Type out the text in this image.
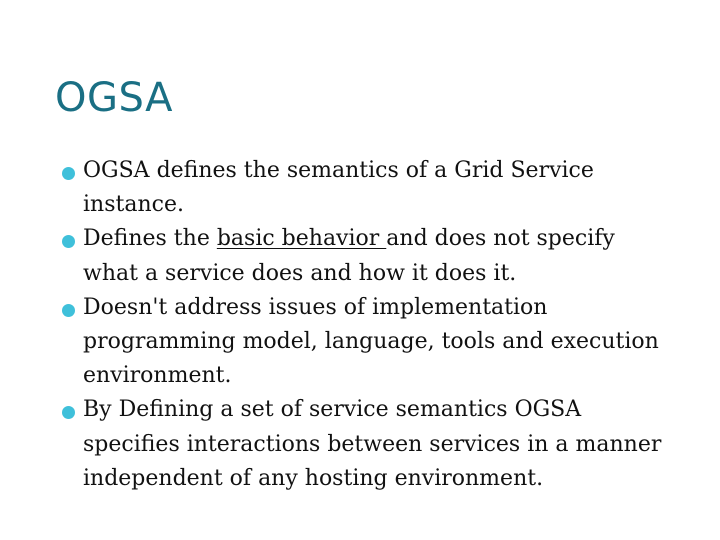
OGSA
OGSA defines the semantics of a Grid Service instance.
Defines the basic behavior and does not specify what a service does and how it does it.
Doesn't address issues of implementation programming model, language, tools and execution environment.
By Defining a set of service semantics OGSA specifies interactions between services in a manner independent of any hosting environment.
